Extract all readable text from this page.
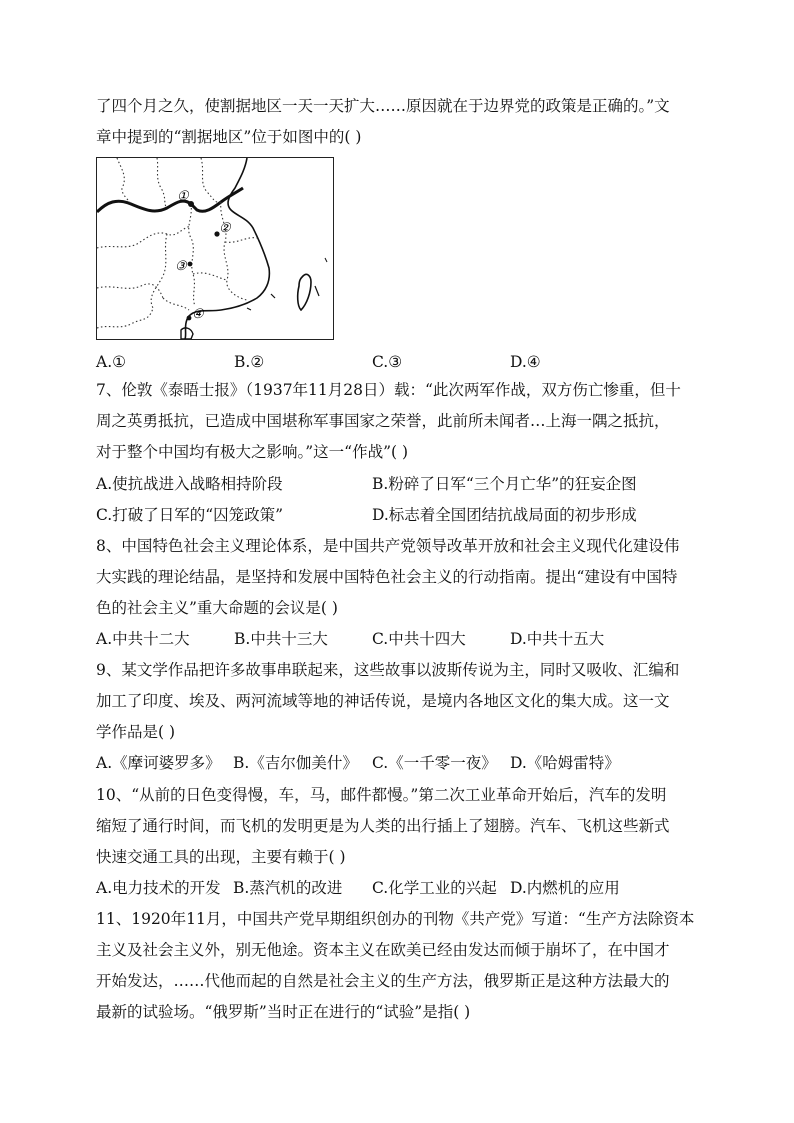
了四个月之久，使割据地区一天一天扩大……原因就在于边界党的政策是正确的。”文
章中提到的“割据地区”位于如图中的( )
①
②
③
④
A.①	B.②	C.③	D.④
7、伦敦《泰晤士报》（1937年11月28日）载：“此次两军作战，双方伤亡惨重，但十
周之英勇抵抗，已造成中国堪称军事国家之荣誉，此前所未闻者…上海一隅之抵抗，
对于整个中国均有极大之影响。”这一“作战”( )
A.使抗战进入战略相持阶段	B.粉碎了日军“三个月亡华”的狂妄企图
C.打破了日军的“囚笼政策”	D.标志着全国团结抗战局面的初步形成
8、中国特色社会主义理论体系，是中国共产党领导改革开放和社会主义现代化建设伟
大实践的理论结晶，是坚持和发展中国特色社会主义的行动指南。提出“建设有中国特
色的社会主义”重大命题的会议是( )
A.中共十二大	B.中共十三大	C.中共十四大	D.中共十五大
9、某文学作品把许多故事串联起来，这些故事以波斯传说为主，同时又吸收、汇编和
加工了印度、埃及、两河流域等地的神话传说，是境内各地区文化的集大成。这一文
学作品是( )
A.《摩诃婆罗多》 B.《吉尔伽美什》 C.《一千零一夜》 D.《哈姆雷特》
10、“从前的日色变得慢，车，马，邮件都慢。”第二次工业革命开始后，汽车的发明
缩短了通行时间，而飞机的发明更是为人类的出行插上了翅膀。汽车、飞机这些新式
快速交通工具的出现，主要有赖于( )
A.电力技术的开发 B.蒸汽机的改进 C.化学工业的兴起 D.内燃机的应用
11、1920年11月，中国共产党早期组织创办的刊物《共产党》写道：“生产方法除资本
主义及社会主义外，别无他途。资本主义在欧美已经由发达而倾于崩坏了，在中国才
开始发达，……代他而起的自然是社会主义的生产方法，俄罗斯正是这种方法最大的
最新的试验场。“俄罗斯”当时正在进行的“试验”是指( )
